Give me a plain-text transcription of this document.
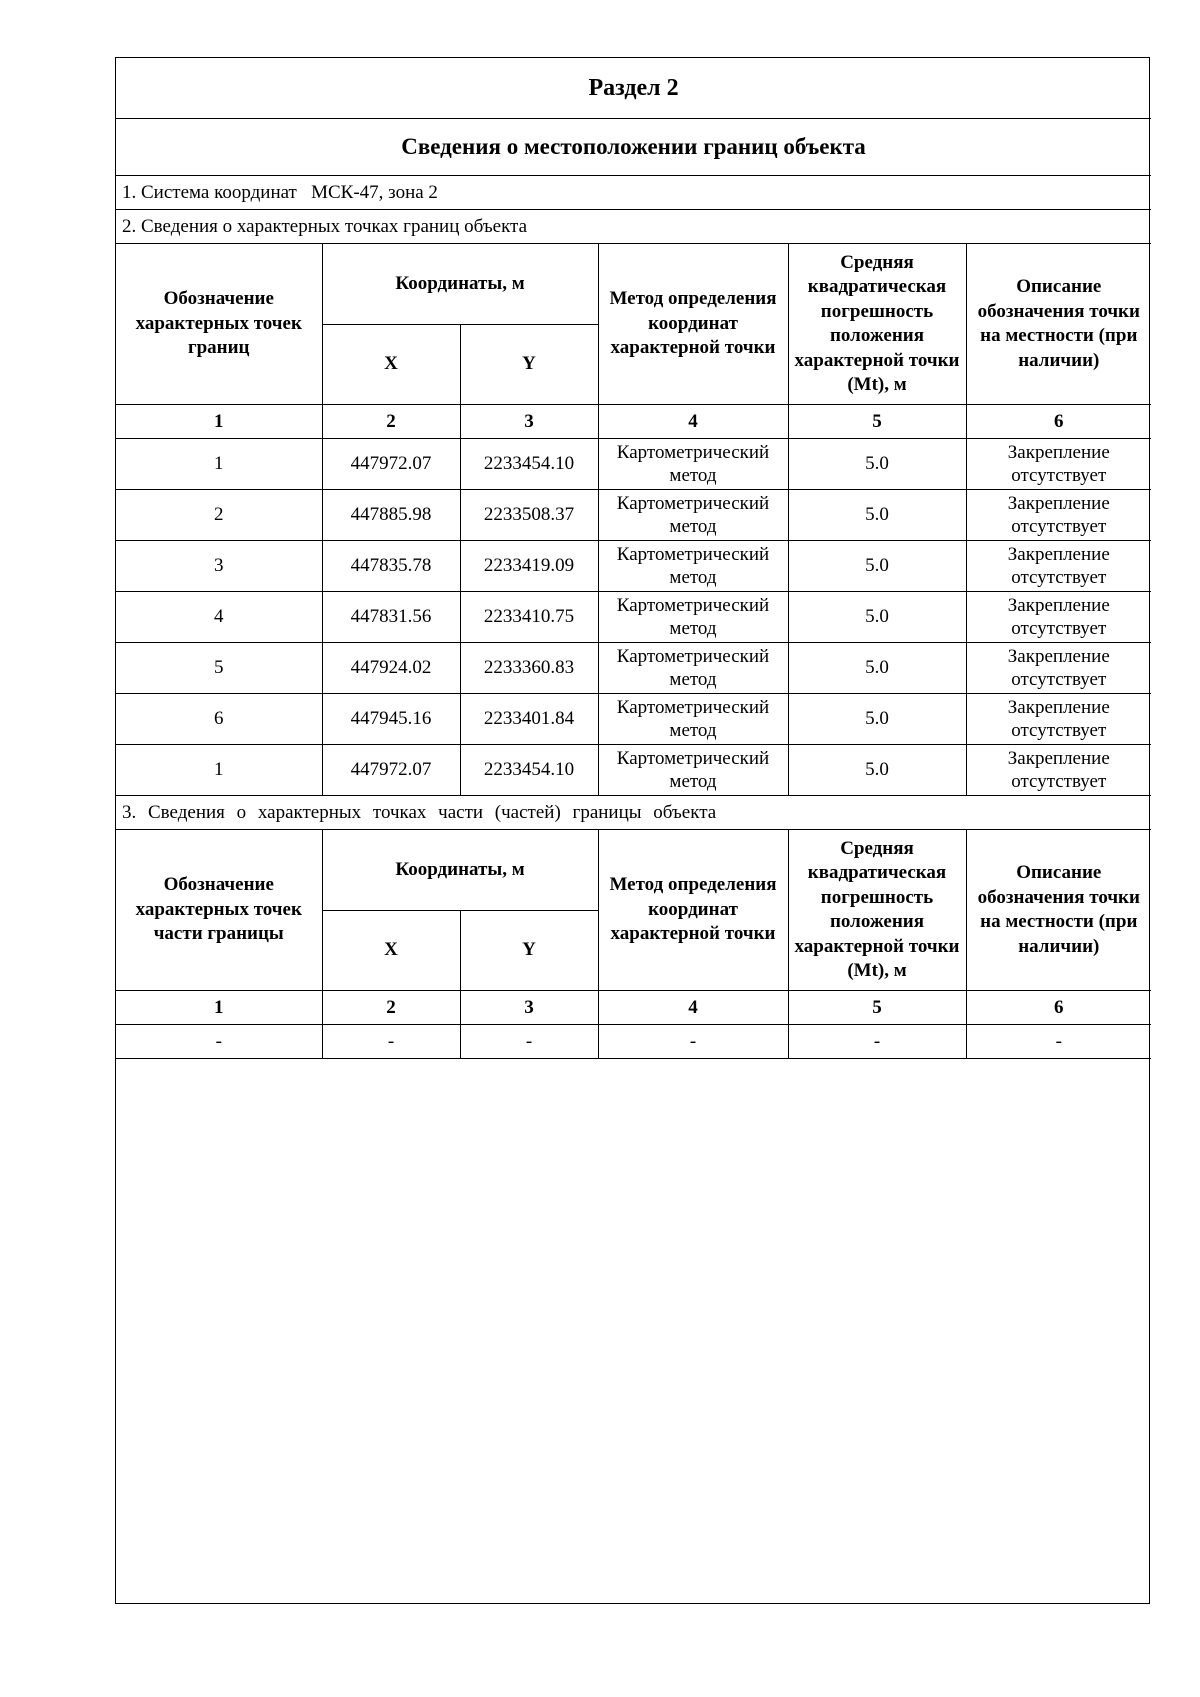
Раздел 2					
Сведения о местоположении границ объекта					
1. Система координат МСК-47, зона 2					
2. Сведения о характерных точках границ объекта					
Обозначение характерных точек границ	Координаты, м		Метод определения координат характерной точки	Средняя квадратическая погрешность положения характерной точки (Mt), м	Описание обозначения точки на местности (при наличии)
	X	Y			
1	2	3	4	5	6
1	447972.07	2233454.10	Картометрический метод	5.0	Закрепление отсутствует
2	447885.98	2233508.37	Картометрический метод	5.0	Закрепление отсутствует
3	447835.78	2233419.09	Картометрический метод	5.0	Закрепление отсутствует
4	447831.56	2233410.75	Картометрический метод	5.0	Закрепление отсутствует
5	447924.02	2233360.83	Картометрический метод	5.0	Закрепление отсутствует
6	447945.16	2233401.84	Картометрический метод	5.0	Закрепление отсутствует
1	447972.07	2233454.10	Картометрический метод	5.0	Закрепление отсутствует
3. Сведения о характерных точках части (частей) границы объекта					
Обозначение характерных точек части границы	Координаты, м		Метод определения координат характерной точки	Средняя квадратическая погрешность положения характерной точки (Mt), м	Описание обозначения точки на местности (при наличии)
	X	Y			
1	2	3	4	5	6
-	-	-	-	-	-
